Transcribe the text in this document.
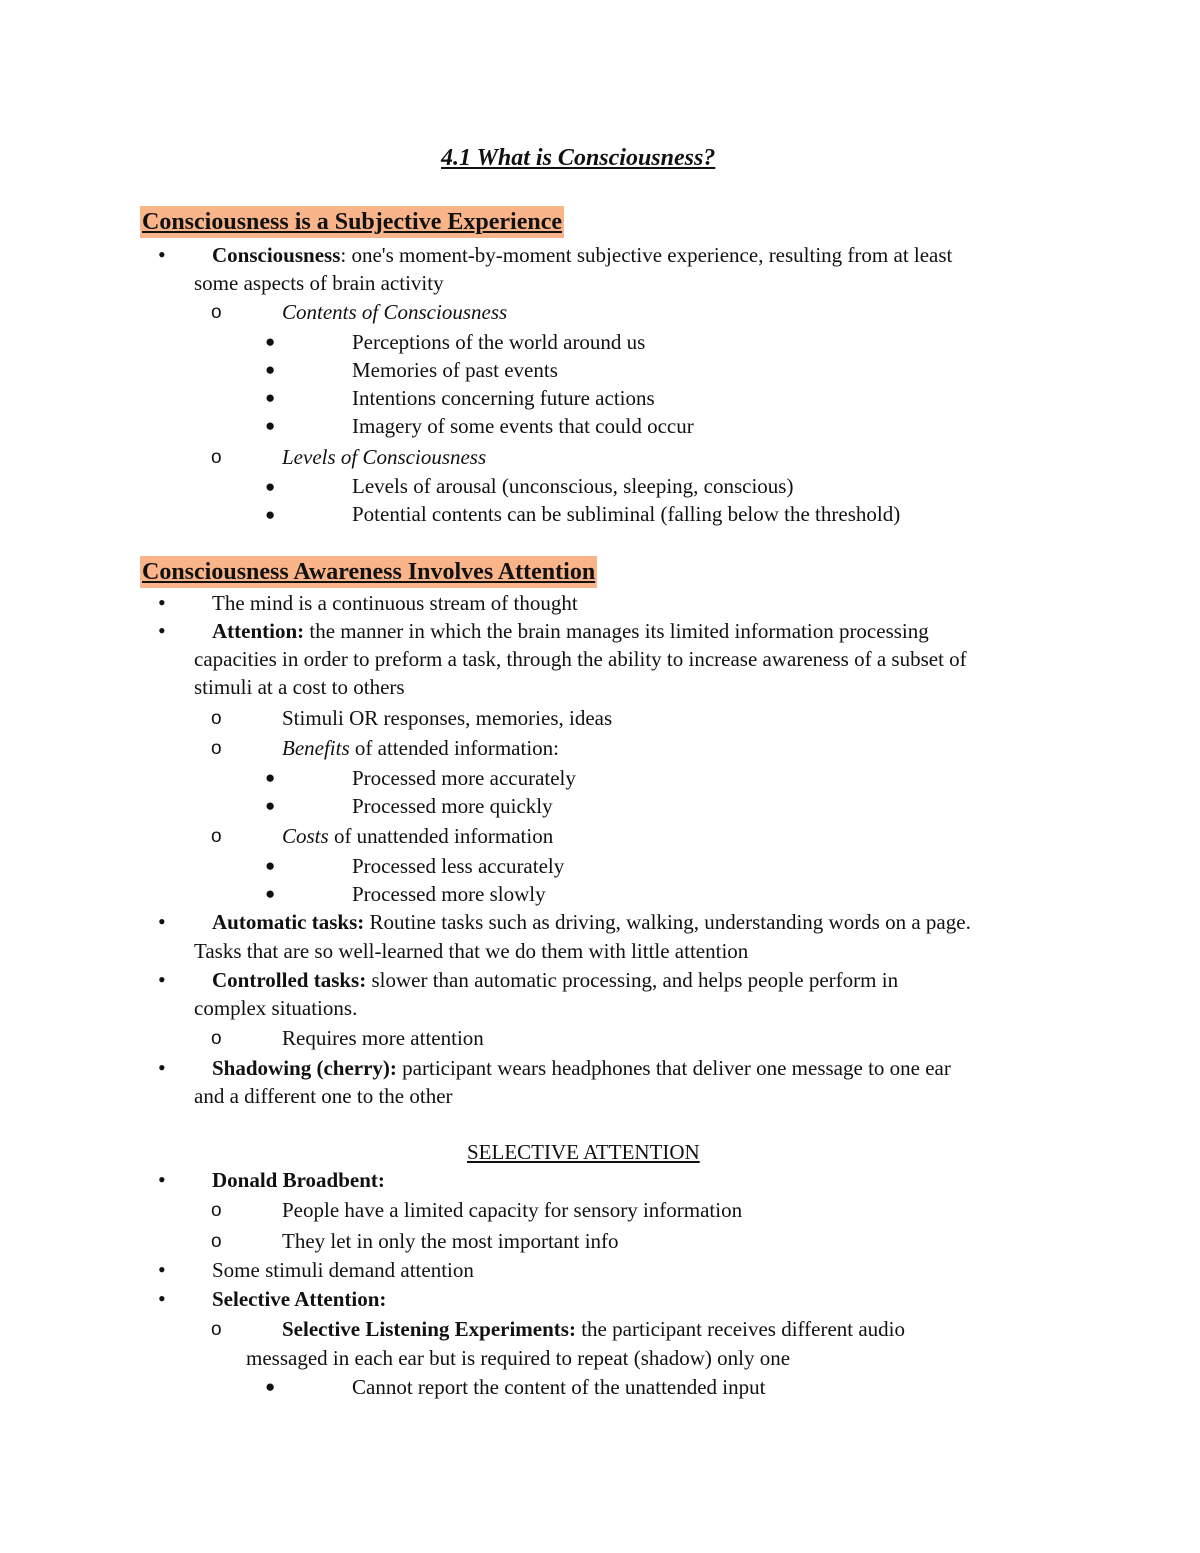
4.1 What is Consciousness?
Consciousness is a Subjective Experience
• Consciousness: one's moment-by-moment subjective experience, resulting from at least
some aspects of brain activity
o	Contents of Consciousness
●	Perceptions of the world around us
●	Memories of past events
●	Intentions concerning future actions
●	Imagery of some events that could occur
o	Levels of Consciousness
●	Levels of arousal (unconscious, sleeping, conscious)
●	Potential contents can be subliminal (falling below the threshold)
Consciousness Awareness Involves Attention
• The mind is a continuous stream of thought
• Attention: the manner in which the brain manages its limited information processing
capacities in order to preform a task, through the ability to increase awareness of a subset of
stimuli at a cost to others
o	Stimuli OR responses, memories, ideas
o	Benefits of attended information:
●	Processed more accurately
●	Processed more quickly
o	Costs of unattended information
●	Processed less accurately
●	Processed more slowly
• Automatic tasks: Routine tasks such as driving, walking, understanding words on a page.
Tasks that are so well-learned that we do them with little attention
• Controlled tasks: slower than automatic processing, and helps people perform in
complex situations.
o	Requires more attention
• Shadowing (cherry): participant wears headphones that deliver one message to one ear
and a different one to the other
SELECTIVE ATTENTION
• Donald Broadbent:
o	People have a limited capacity for sensory information
o	They let in only the most important info
• Some stimuli demand attention
• Selective Attention:
o	Selective Listening Experiments: the participant receives different audio
messaged in each ear but is required to repeat (shadow) only one
●	Cannot report the content of the unattended input
